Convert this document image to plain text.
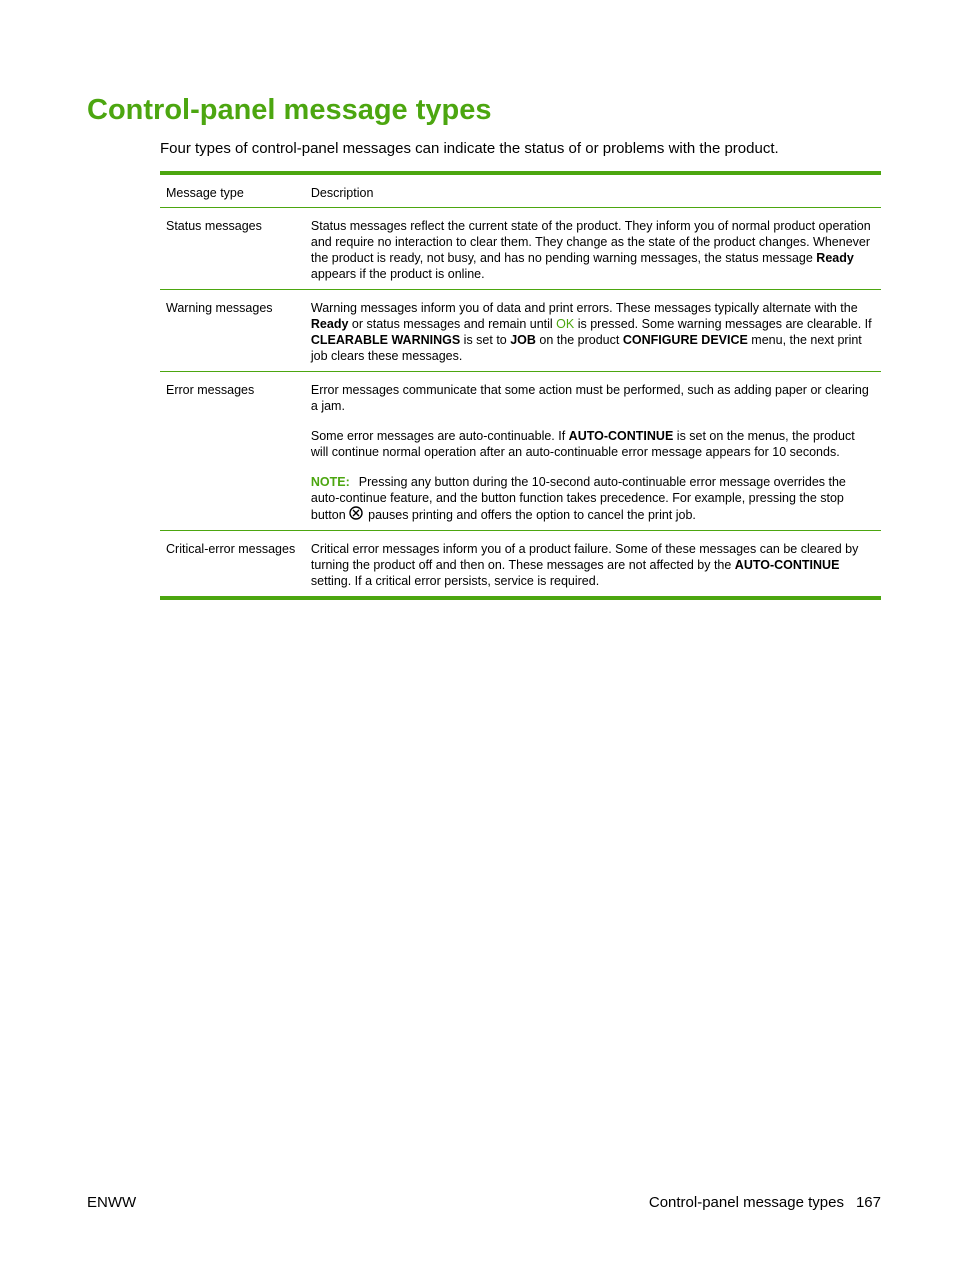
Control-panel message types

Four types of control-panel messages can indicate the status of or problems with the product.

Message type	Description
Status messages	Status messages reflect the current state of the product. They inform you of normal product operation and require no interaction to clear them. They change as the state of the product changes. Whenever the product is ready, not busy, and has no pending warning messages, the status message Ready appears if the product is online.
Warning messages	Warning messages inform you of data and print errors. These messages typically alternate with the Ready or status messages and remain until OK is pressed. Some warning messages are clearable. If CLEARABLE WARNINGS is set to JOB on the product CONFIGURE DEVICE menu, the next print job clears these messages.
Error messages	Error messages communicate that some action must be performed, such as adding paper or clearing a jam.

Some error messages are auto-continuable. If AUTO-CONTINUE is set on the menus, the product will continue normal operation after an auto-continuable error message appears for 10 seconds.

NOTE: Pressing any button during the 10-second auto-continuable error message overrides the auto-continue feature, and the button function takes precedence. For example, pressing the stop button pauses printing and offers the option to cancel the print job.

Critical-error messages	Critical error messages inform you of a product failure. Some of these messages can be cleared by turning the product off and then on. These messages are not affected by the AUTO-CONTINUE setting. If a critical error persists, service is required.
ENWW	Control-panel message types 167
